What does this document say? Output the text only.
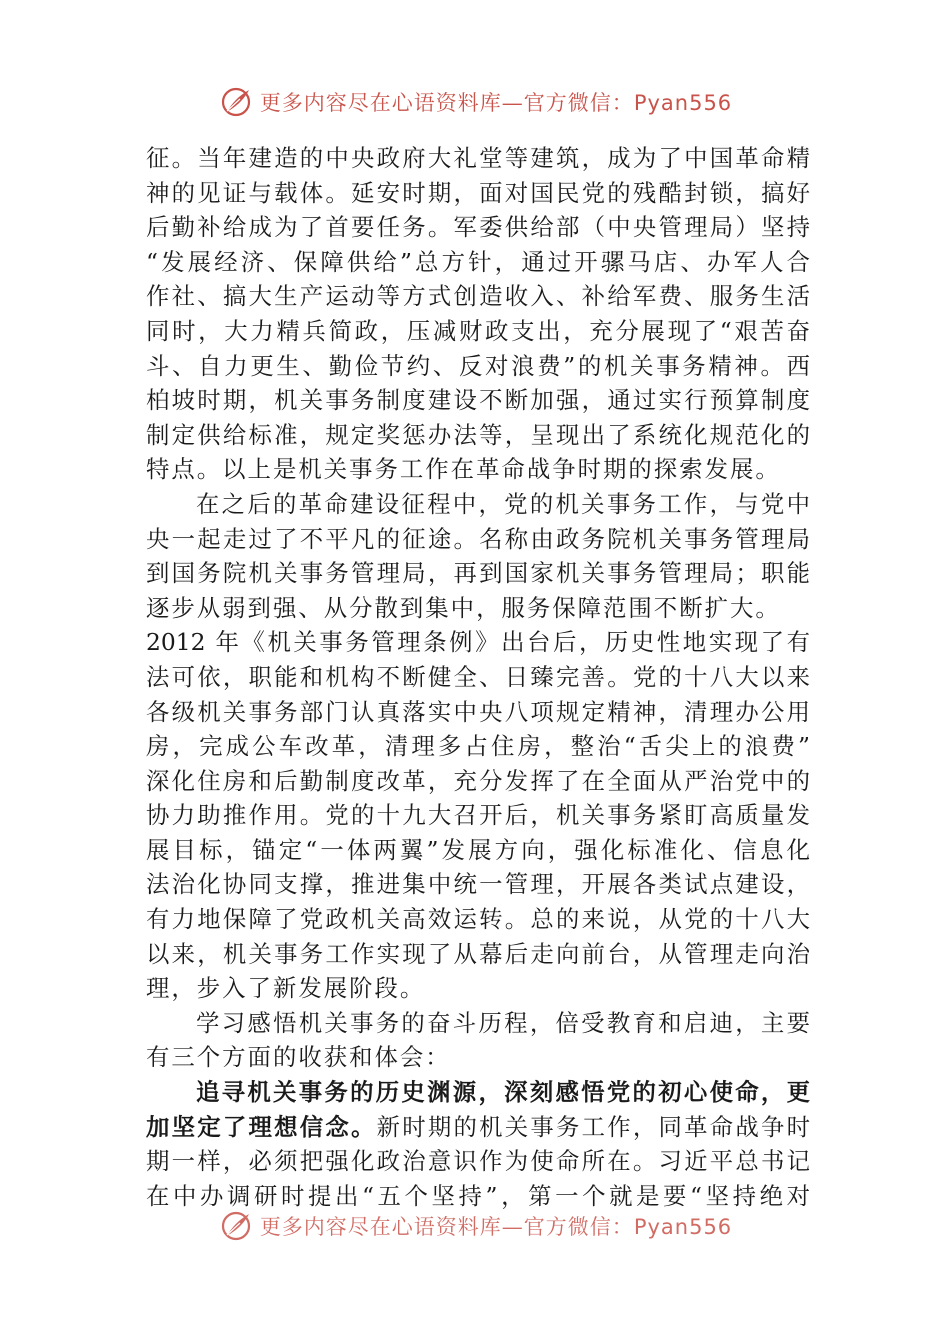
更多内容尽在心语资料库—官方微信：Pyan556
征。当年建造的中央政府大礼堂等建筑，成为了中国革命精
神的见证与载体。延安时期，面对国民党的残酷封锁，搞好
后勤补给成为了首要任务。军委供给部（中央管理局）坚持
“发展经济、保障供给”总方针，通过开骡马店、办军人合
作社、搞大生产运动等方式创造收入、补给军费、服务生活
同时，大力精兵简政，压减财政支出，充分展现了“艰苦奋
斗、自力更生、勤俭节约、反对浪费”的机关事务精神。西
柏坡时期，机关事务制度建设不断加强，通过实行预算制度
制定供给标准，规定奖惩办法等，呈现出了系统化规范化的
特点。以上是机关事务工作在革命战争时期的探索发展。
在之后的革命建设征程中，党的机关事务工作，与党中
央一起走过了不平凡的征途。名称由政务院机关事务管理局
到国务院机关事务管理局，再到国家机关事务管理局；职能
逐步从弱到强、从分散到集中，服务保障范围不断扩大。
2012 年《机关事务管理条例》出台后，历史性地实现了有
法可依，职能和机构不断健全、日臻完善。党的十八大以来
各级机关事务部门认真落实中央八项规定精神，清理办公用
房，完成公车改革，清理多占住房，整治“舌尖上的浪费”
深化住房和后勤制度改革，充分发挥了在全面从严治党中的
协力助推作用。党的十九大召开后，机关事务紧盯高质量发
展目标，锚定“一体两翼”发展方向，强化标准化、信息化
法治化协同支撑，推进集中统一管理，开展各类试点建设，
有力地保障了党政机关高效运转。总的来说，从党的十八大
以来，机关事务工作实现了从幕后走向前台，从管理走向治
理，步入了新发展阶段。
学习感悟机关事务的奋斗历程，倍受教育和启迪，主要
有三个方面的收获和体会：
追寻机关事务的历史渊源，深刻感悟党的初心使命，更
加坚定了理想信念。新时期的机关事务工作，同革命战争时
期一样，必须把强化政治意识作为使命所在。习近平总书记
在中办调研时提出“五个坚持”，第一个就是要“坚持绝对
更多内容尽在心语资料库—官方微信：Pyan556
